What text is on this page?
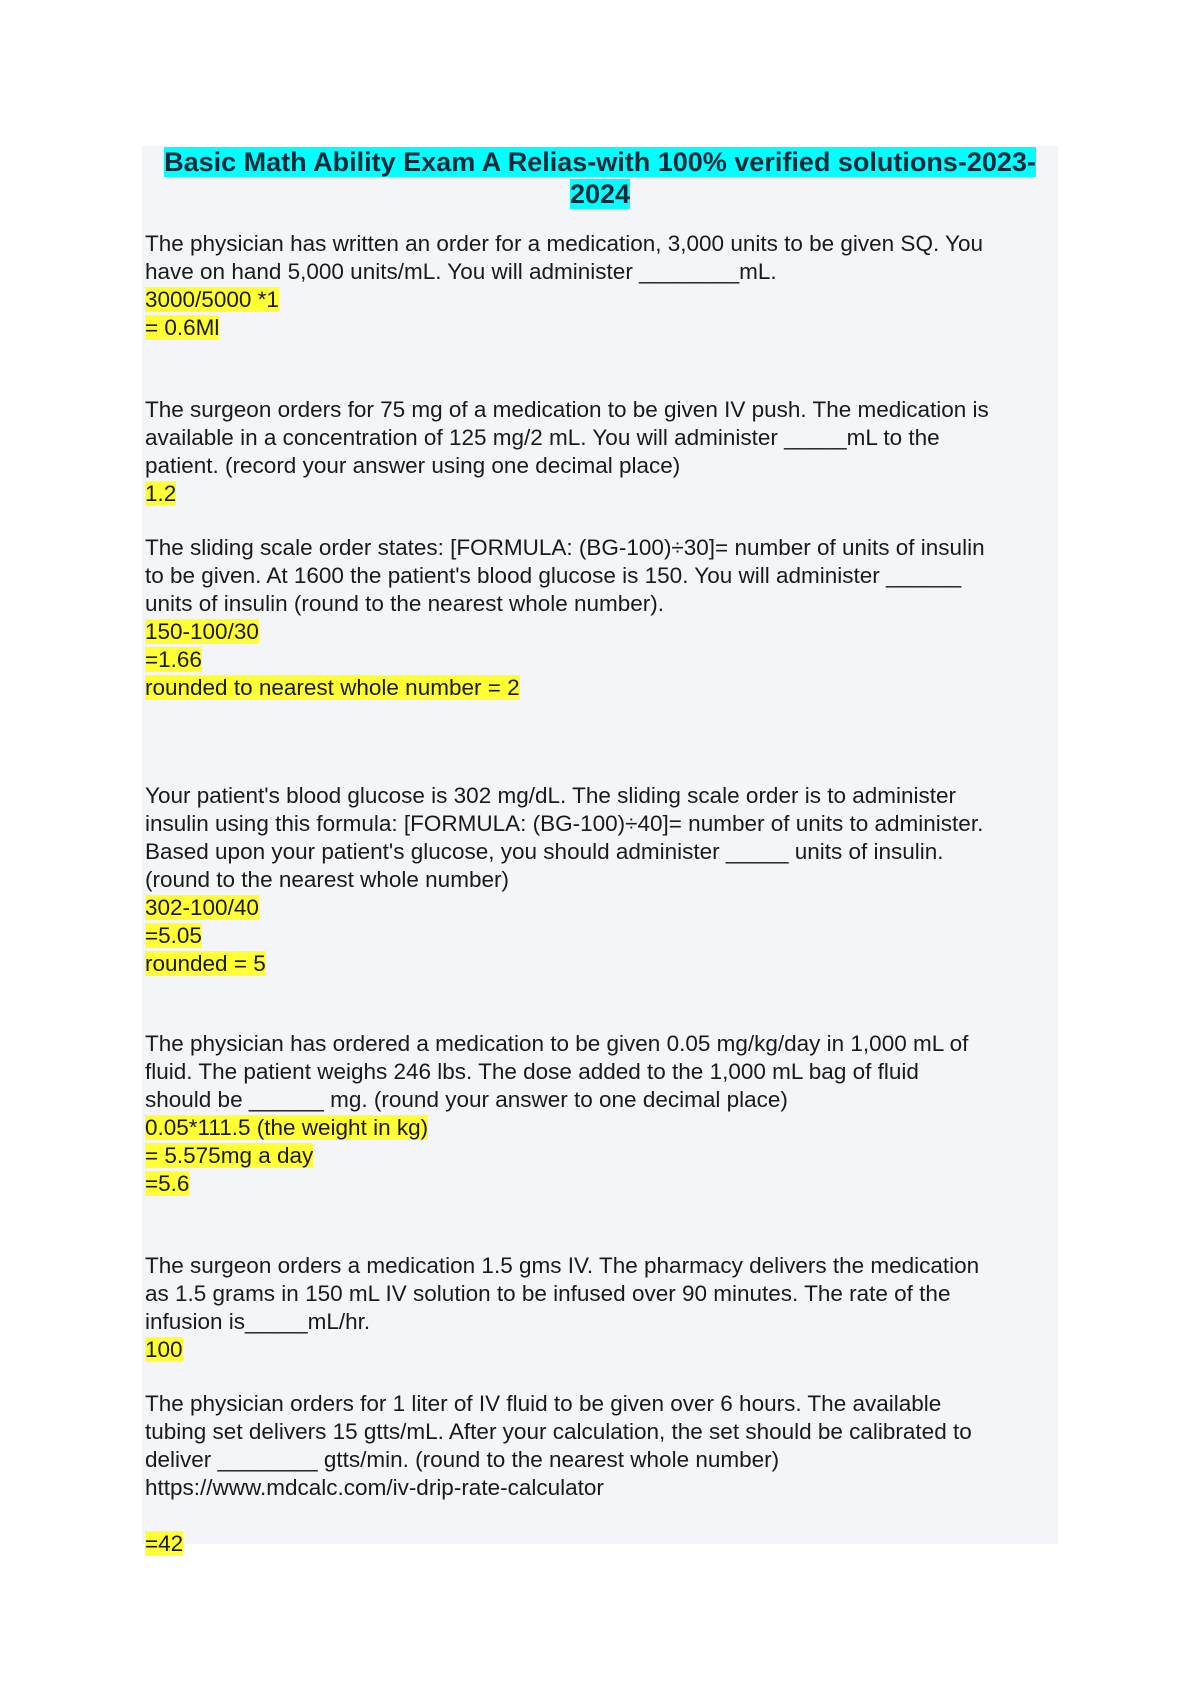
Basic Math Ability Exam A Relias-with 100% verified solutions-2023-
2024

The physician has written an order for a medication, 3,000 units to be given SQ. You

have on hand 5,000 units/mL. You will administer ________mL.

3000/5000 *1
= 0.6Ml

The surgeon orders for 75 mg of a medication to be given IV push. The medication is

available in a concentration of 125 mg/2 mL. You will administer _____mL to the

patient. (record your answer using one decimal place)

1.2

The sliding scale order states: [FORMULA: (BG-100)÷30]= number of units of insulin

to be given. At 1600 the patient's blood glucose is 150. You will administer ______

units of insulin (round to the nearest whole number).

150-100/30
=1.66
rounded to nearest whole number = 2

Your patient's blood glucose is 302 mg/dL. The sliding scale order is to administer

insulin using this formula: [FORMULA: (BG-100)÷40]= number of units to administer.

Based upon your patient's glucose, you should administer _____ units of insulin.

(round to the nearest whole number)

302-100/40
=5.05
rounded = 5

The physician has ordered a medication to be given 0.05 mg/kg/day in 1,000 mL of

fluid. The patient weighs 246 lbs. The dose added to the 1,000 mL bag of fluid

should be ______ mg. (round your answer to one decimal place)

0.05*111.5 (the weight in kg)
= 5.575mg a day
=5.6

The surgeon orders a medication 1.5 gms IV. The pharmacy delivers the medication

as 1.5 grams in 150 mL IV solution to be infused over 90 minutes. The rate of the

infusion is_____mL/hr.

100

The physician orders for 1 liter of IV fluid to be given over 6 hours. The available

tubing set delivers 15 gtts/mL. After your calculation, the set should be calibrated to

deliver ________ gtts/min. (round to the nearest whole number)

https://www.mdcalc.com/iv-drip-rate-calculator

=42
